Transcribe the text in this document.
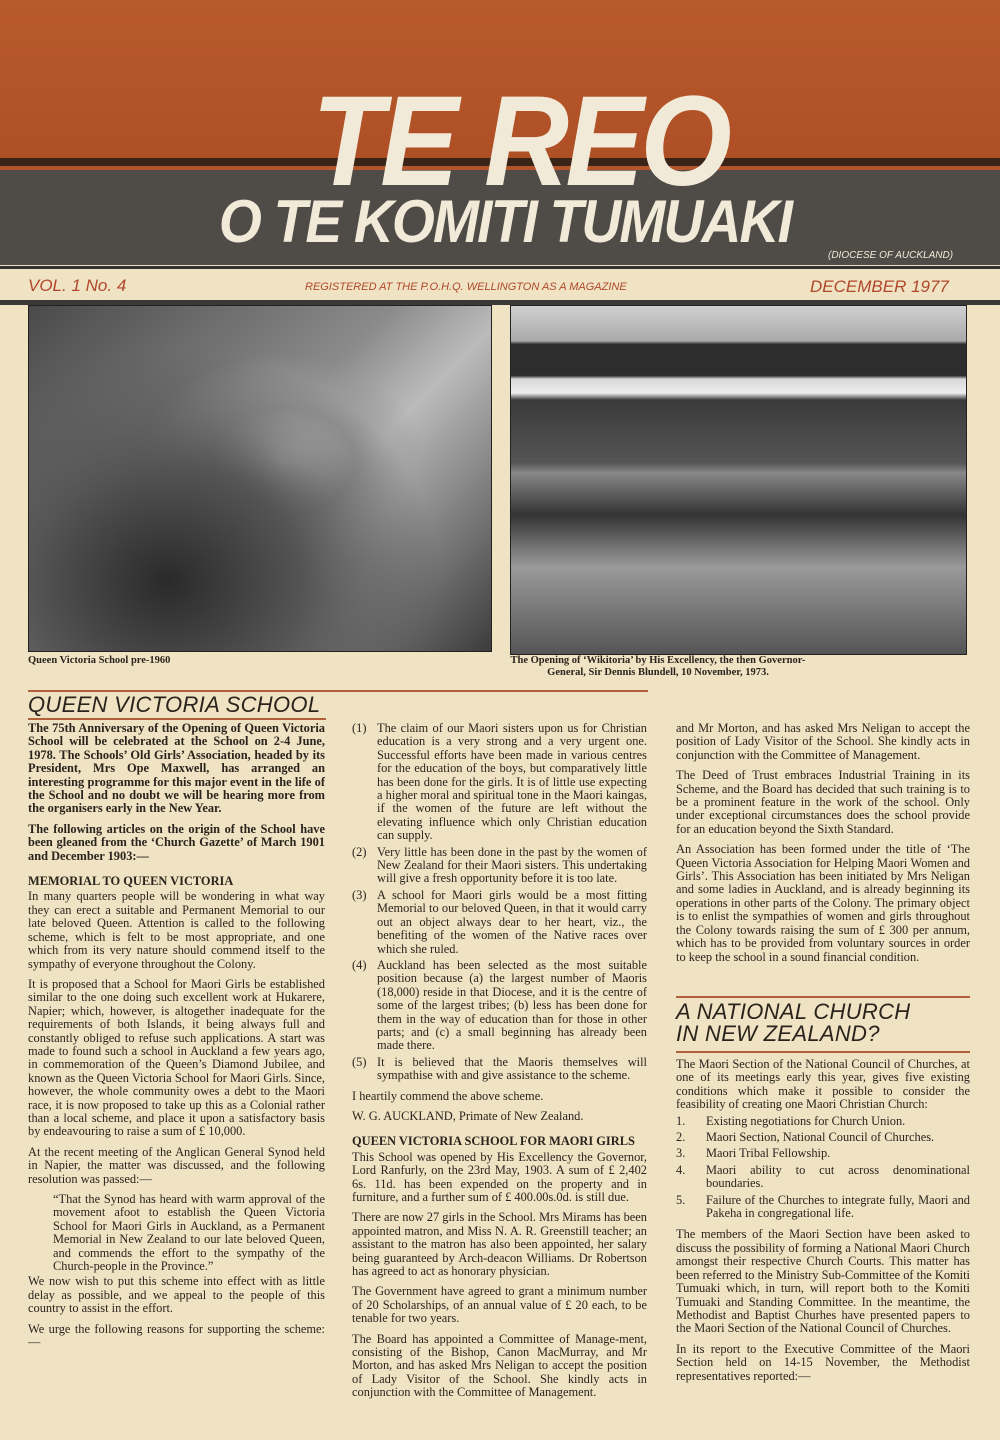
TE REO
O TE KOMITI TUMUAKI
(DIOCESE OF AUCKLAND)
VOL. 1 No. 4	REGISTERED AT THE P.O.H.Q. WELLINGTON AS A MAGAZINE	DECEMBER 1977
Queen Victoria School pre-1960	The Opening of ‘Wikitoria’ by His Excellency, the then Governor-General, Sir Dennis Blundell, 10 November, 1973.
QUEEN VICTORIA SCHOOL

The 75th Anniversary of the Opening of Queen Victoria School will be celebrated at the School on 2-4 June, 1978. The Schools’ Old Girls’ Association, headed by its President, Mrs Ope Maxwell, has arranged an interesting programme for this major event in the life of the School and no doubt we will be hearing more from the organisers early in the New Year.

The following articles on the origin of the School have been gleaned from the ‘Church Gazette’ of March 1901 and December 1903:—

MEMORIAL TO QUEEN VICTORIA

In many quarters people will be wondering in what way they can erect a suitable and Permanent Memorial to our late beloved Queen. Attention is called to the following scheme, which is felt to be most appropriate, and one which from its very nature should commend itself to the sympathy of everyone throughout the Colony.

It is proposed that a School for Maori Girls be established similar to the one doing such excellent work at Hukarere, Napier; which, however, is altogether inadequate for the requirements of both Islands, it being always full and constantly obliged to refuse such applications. A start was made to found such a school in Auckland a few years ago, in commemoration of the Queen’s Diamond Jubilee, and known as the Queen Victoria School for Maori Girls. Since, however, the whole community owes a debt to the Maori race, it is now proposed to take up this as a Colonial rather than a local scheme, and place it upon a satisfactory basis by endeavouring to raise a sum of £ 10,000.

At the recent meeting of the Anglican General Synod held in Napier, the matter was discussed, and the following resolution was passed:—

“That the Synod has heard with warm approval of the movement afoot to establish the Queen Victoria School for Maori Girls in Auckland, as a Permanent Memorial in New Zealand to our late beloved Queen, and commends the effort to the sympathy of the Church-people in the Province.”

We now wish to put this scheme into effect with as little delay as possible, and we appeal to the people of this country to assist in the effort.

We urge the following reasons for supporting the scheme:—

(1) The claim of our Maori sisters upon us for Christian education is a very strong and a very urgent one. Successful efforts have been made in various centres for the education of the boys, but comparatively little has been done for the girls. It is of little use expecting a higher moral and spiritual tone in the Maori kaingas, if the women of the future are left without the elevating influence which only Christian education can supply.
(2) Very little has been done in the past by the women of New Zealand for their Maori sisters. This undertaking will give a fresh opportunity before it is too late.
(3) A school for Maori girls would be a most fitting Memorial to our beloved Queen, in that it would carry out an object always dear to her heart, viz., the benefiting of the women of the Native races over which she ruled.
(4) Auckland has been selected as the most suitable position because (a) the largest number of Maoris (18,000) reside in that Diocese, and it is the centre of some of the largest tribes; (b) less has been done for them in the way of education than for those in other parts; and (c) a small beginning has already been made there.
(5) It is believed that the Maoris themselves will sympathise with and give assistance to the scheme.

I heartily commend the above scheme.

W. G. AUCKLAND, Primate of New Zealand.

QUEEN VICTORIA SCHOOL FOR MAORI GIRLS

This School was opened by His Excellency the Governor, Lord Ranfurly, on the 23rd May, 1903. A sum of £ 2,402 6s. 11d. has been expended on the property and in furniture, and a further sum of £ 400.00s.0d. is still due.

There are now 27 girls in the School. Mrs Mirams has been appointed matron, and Miss N. A. R. Greenstill teacher; an assistant to the matron has also been appointed, her salary being guaranteed by Arch-deacon Williams. Dr Robertson has agreed to act as honorary physician.

The Government have agreed to grant a minimum number of 20 Scholarships, of an annual value of £ 20 each, to be tenable for two years.

The Board has appointed a Committee of Manage-ment, consisting of the Bishop, Canon MacMurray, and Mr Morton, and has asked Mrs Neligan to accept the position of Lady Visitor of the School. She kindly acts in conjunction with the Committee of Management.

and Mr Morton, and has asked Mrs Neligan to accept the position of Lady Visitor of the School. She kindly acts in conjunction with the Committee of Management.

The Deed of Trust embraces Industrial Training in its Scheme, and the Board has decided that such training is to be a prominent feature in the work of the school. Only under exceptional circumstances does the school provide for an education beyond the Sixth Standard.

An Association has been formed under the title of ‘The Queen Victoria Association for Helping Maori Women and Girls’. This Association has been initiated by Mrs Neligan and some ladies in Auckland, and is already beginning its operations in other parts of the Colony. The primary object is to enlist the sympathies of women and girls throughout the Colony towards raising the sum of £ 300 per annum, which has to be provided from voluntary sources in order to keep the school in a sound financial condition.

A NATIONAL CHURCH
IN NEW ZEALAND?

The Maori Section of the National Council of Churches, at one of its meetings early this year, gives five existing conditions which make it possible to consider the feasibility of creating one Maori Christian Church:

1.	Existing negotiations for Church Union.
2.	Maori Section, National Council of Churches.
3.	Maori Tribal Fellowship.
4.	Maori ability to cut across denominational boundaries.
5.	Failure of the Churches to integrate fully, Maori and Pakeha in congregational life.

The members of the Maori Section have been asked to discuss the possibility of forming a National Maori Church amongst their respective Church Courts. This matter has been referred to the Ministry Sub-Committee of the Komiti Tumuaki which, in turn, will report both to the Komiti Tumuaki and Standing Committee. In the meantime, the Methodist and Baptist Churhes have presented papers to the Maori Section of the National Council of Churches.

In its report to the Executive Committee of the Maori Section held on 14-15 November, the Methodist representatives reported:—
